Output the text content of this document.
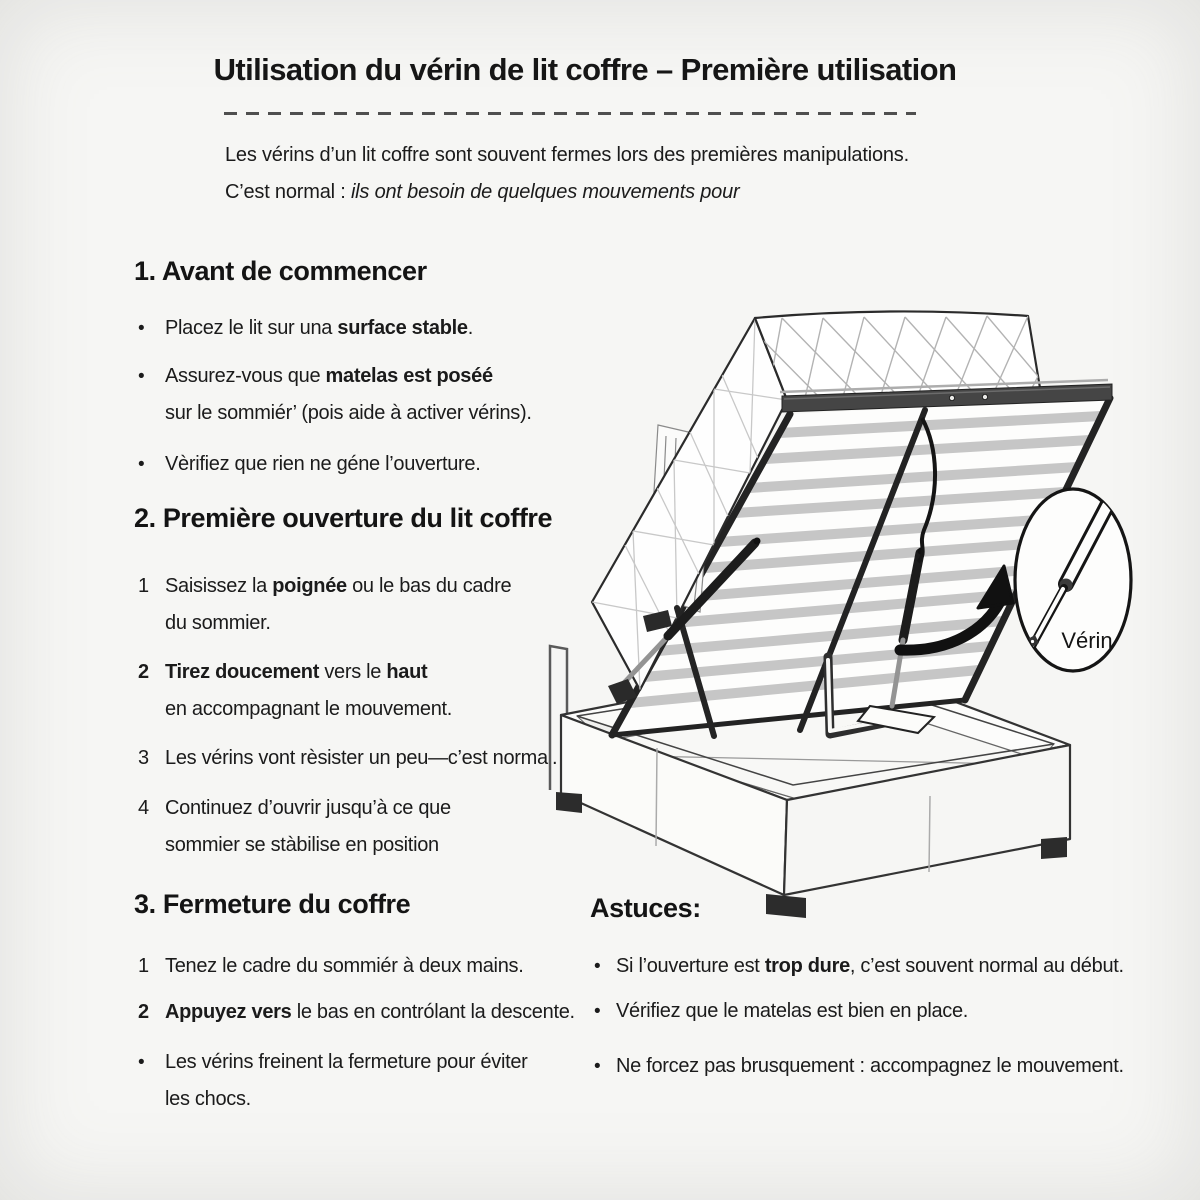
Utilisation du vérin de lit coffre – Première utilisation
Les vérins d’un lit coffre sont souvent fermes lors des premières manipulations.
C’est normal : ils ont besoin de quelques mouvements pour
1. Avant de commencer
• Placez le lit sur una surface stable.
• Assurez-vous que matelas est poséé
sur le sommiér’ (pois aide à activer vérins).
• Vèrifiez que rien ne géne l’ouverture.
2. Première ouverture du lit coffre
1 Saisissez la poignée ou le bas du cadre
du sommier.
2 Tirez doucement vers le haut
en accompagnant le mouvement.
3 Les vérins vont rèsister un peu—c’est normal.
4 Continuez d’ouvrir jusqu’à ce que
sommier se stàbilise en position
3. Fermeture du coffre
1 Tenez le cadre du sommiér à deux mains.
2 Appuyez vers le bas en contrólant la descente.
• Les vérins freinent la fermeture pour éviter
les chocs.
Astuces:
• Si l’ouverture est trop dure, c’est souvent normal au début.
• Vérifiez que le matelas est bien en place.
• Ne forcez pas brusquement : accompagnez le mouvement.
Vérin
